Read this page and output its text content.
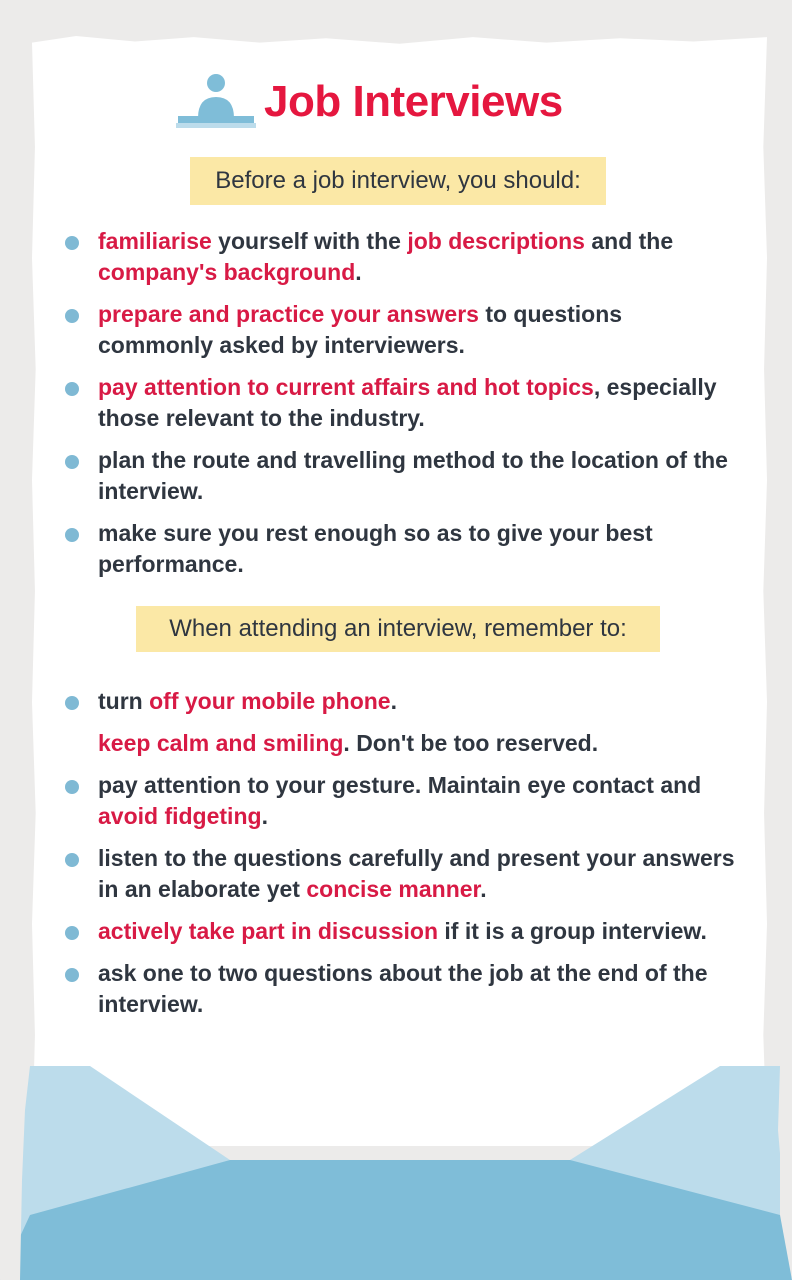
Job Interviews
Before a job interview, you should:
familiarise yourself with the job descriptions and the company's background.
prepare and practice your answers to questions commonly asked by interviewers.
pay attention to current affairs and hot topics, especially those relevant to the industry.
plan the route and travelling method to the location of the interview.
make sure you rest enough so as to give your best performance.
When attending an interview, remember to:
turn off your mobile phone.
keep calm and smiling. Don't be too reserved.
pay attention to your gesture. Maintain eye contact and avoid fidgeting.
listen to the questions carefully and present your answers in an elaborate yet concise manner.
actively take part in discussion if it is a group interview.
ask one to two questions about the job at the end of the interview.
